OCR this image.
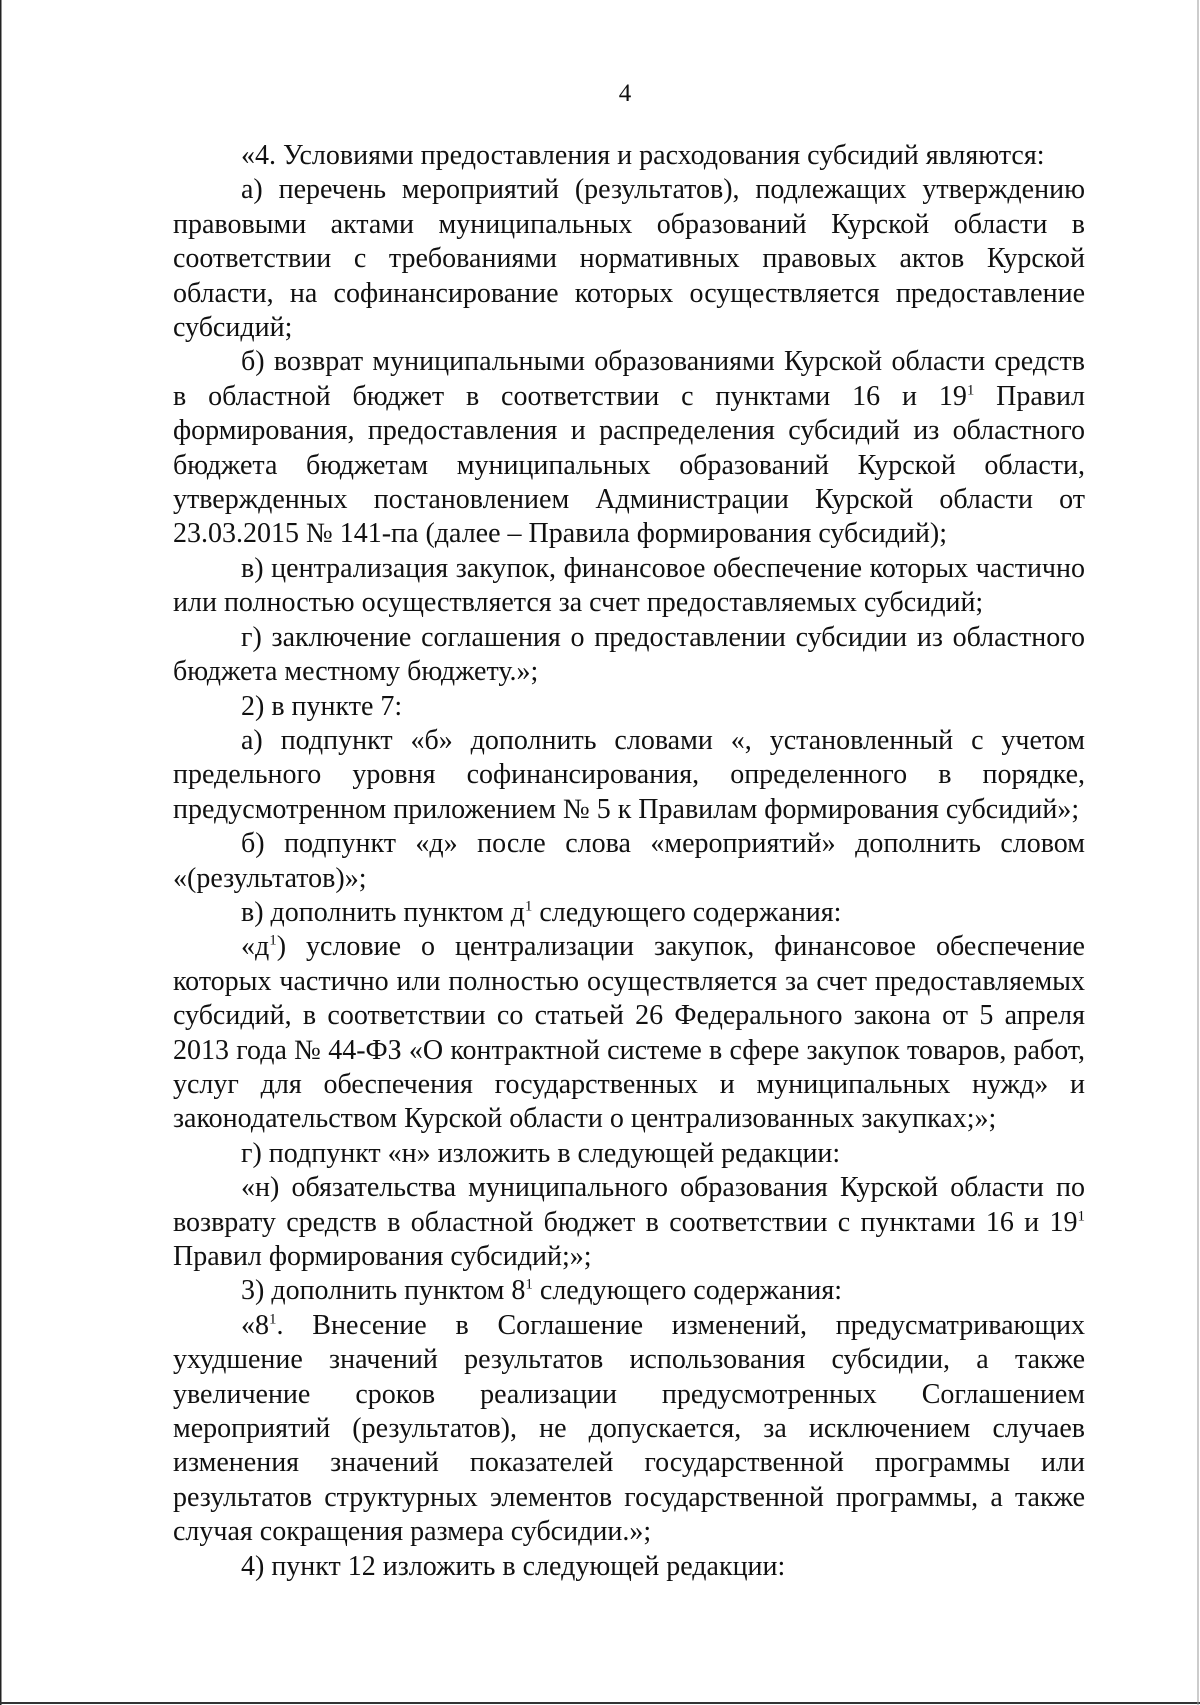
4

«4. Условиями предоставления и расходования субсидий являются:

а) перечень мероприятий (результатов), подлежащих утверждению правовыми актами муниципальных образований Курской области в соответствии с требованиями нормативных правовых актов Курской области, на софинансирование которых осуществляется предоставление субсидий;

б) возврат муниципальными образованиями Курской области средств в областной бюджет в соответствии с пунктами 16 и $19^1$ Правил формирования, предоставления и распределения субсидий из областного бюджета бюджетам муниципальных образований Курской области, утвержденных постановлением Администрации Курской области от 23.03.2015 № 141-па (далее – Правила формирования субсидий);

в) централизация закупок, финансовое обеспечение которых частично или полностью осуществляется за счет предоставляемых субсидий;

г) заключение соглашения о предоставлении субсидии из областного бюджета местному бюджету.»;

2) в пункте 7:

а) подпункт «б» дополнить словами «, установленный с учетом предельного уровня софинансирования, определенного в порядке, предусмотренном приложением № 5 к Правилам формирования субсидий»;

б) подпункт «д» после слова «мероприятий» дополнить словом «(результатов)»;

в) дополнить пунктом $д^1$ следующего содержания:

«$д^1$) условие о централизации закупок, финансовое обеспечение которых частично или полностью осуществляется за счет предоставляемых субсидий, в соответствии со статьей 26 Федерального закона от 5 апреля 2013 года № 44-ФЗ «О контрактной системе в сфере закупок товаров, работ, услуг для обеспечения государственных и муниципальных нужд» и законодательством Курской области о централизованных закупках;»;

г) подпункт «н» изложить в следующей редакции:

«н) обязательства муниципального образования Курской области по возврату средств в областной бюджет в соответствии с пунктами 16 и $19^1$ Правил формирования субсидий;»;

3) дополнить пунктом $8^1$ следующего содержания:

«$8^1$. Внесение в Соглашение изменений, предусматривающих ухудшение значений результатов использования субсидии, а также увеличение сроков реализации предусмотренных Соглашением мероприятий (результатов), не допускается, за исключением случаев изменения значений показателей государственной программы или результатов структурных элементов государственной программы, а также случая сокращения размера субсидии.»;

4) пункт 12 изложить в следующей редакции:
